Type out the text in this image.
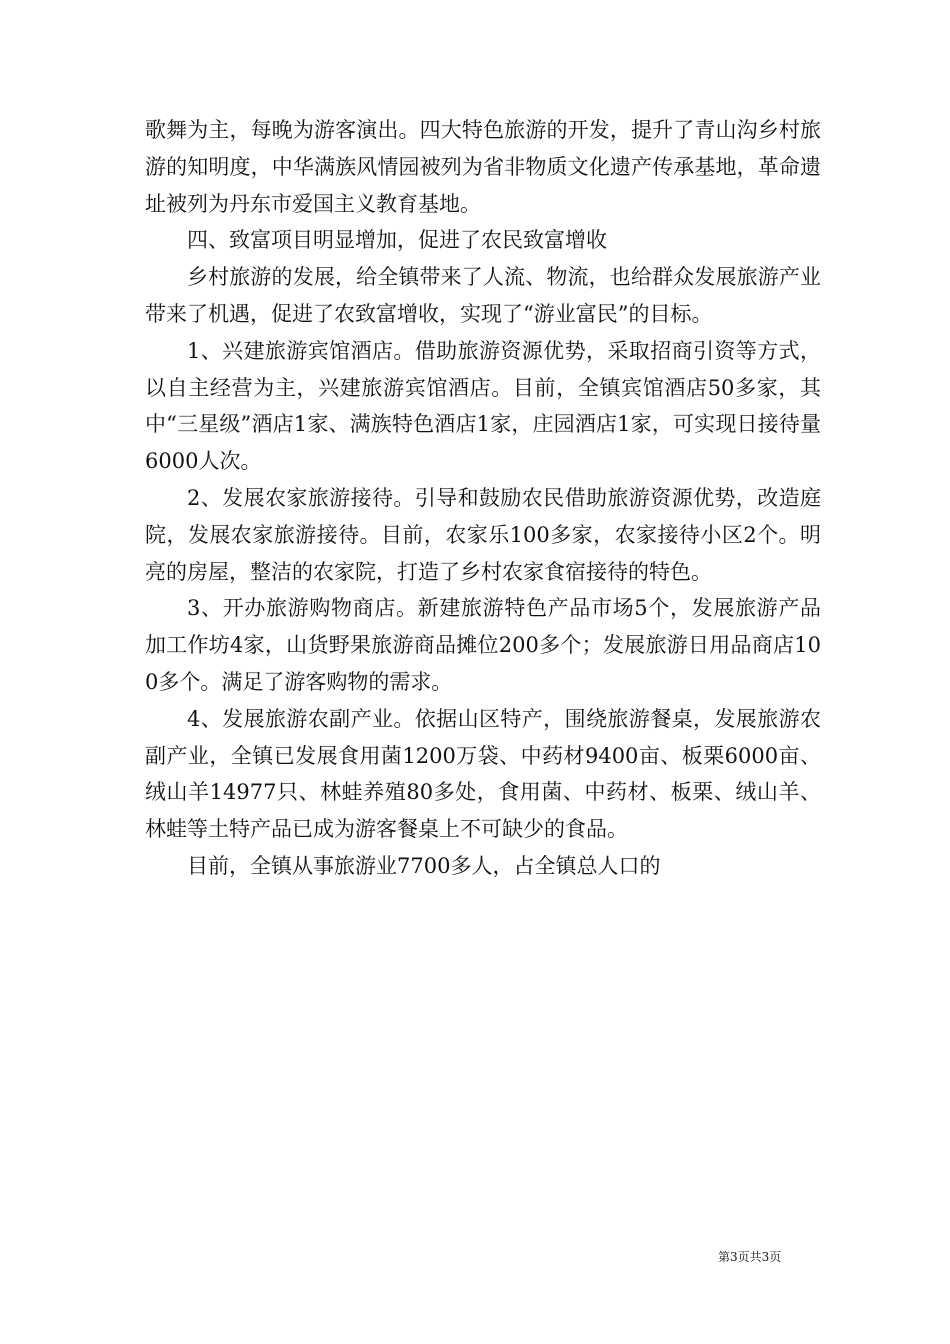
歌舞为主，每晚为游客演出。四大特色旅游的开发，提升了青山沟乡村旅游的知明度，中华满族风情园被列为省非物质文化遗产传承基地，革命遗址被列为丹东市爱国主义教育基地。

四、致富项目明显增加，促进了农民致富增收

乡村旅游的发展，给全镇带来了人流、物流，也给群众发展旅游产业带来了机遇，促进了农致富增收，实现了“游业富民”的目标。

1、兴建旅游宾馆酒店。借助旅游资源优势，采取招商引资等方式，以自主经营为主，兴建旅游宾馆酒店。目前，全镇宾馆酒店50多家，其中“三星级”酒店1家、满族特色酒店1家，庄园酒店1家，可实现日接待量6000人次。

2、发展农家旅游接待。引导和鼓励农民借助旅游资源优势，改造庭院，发展农家旅游接待。目前，农家乐100多家，农家接待小区2个。明亮的房屋，整洁的农家院，打造了乡村农家食宿接待的特色。

3、开办旅游购物商店。新建旅游特色产品市场5个，发展旅游产品加工作坊4家，山货野果旅游商品摊位200多个；发展旅游日用品商店100多个。满足了游客购物的需求。

4、发展旅游农副产业。依据山区特产，围绕旅游餐桌，发展旅游农副产业，全镇已发展食用菌1200万袋、中药材9400亩、板栗6000亩、绒山羊14977只、林蛙养殖80多处，食用菌、中药材、板栗、绒山羊、林蛙等土特产品已成为游客餐桌上不可缺少的食品。

目前，全镇从事旅游业7700多人，占全镇总人口的

第3页共3页
